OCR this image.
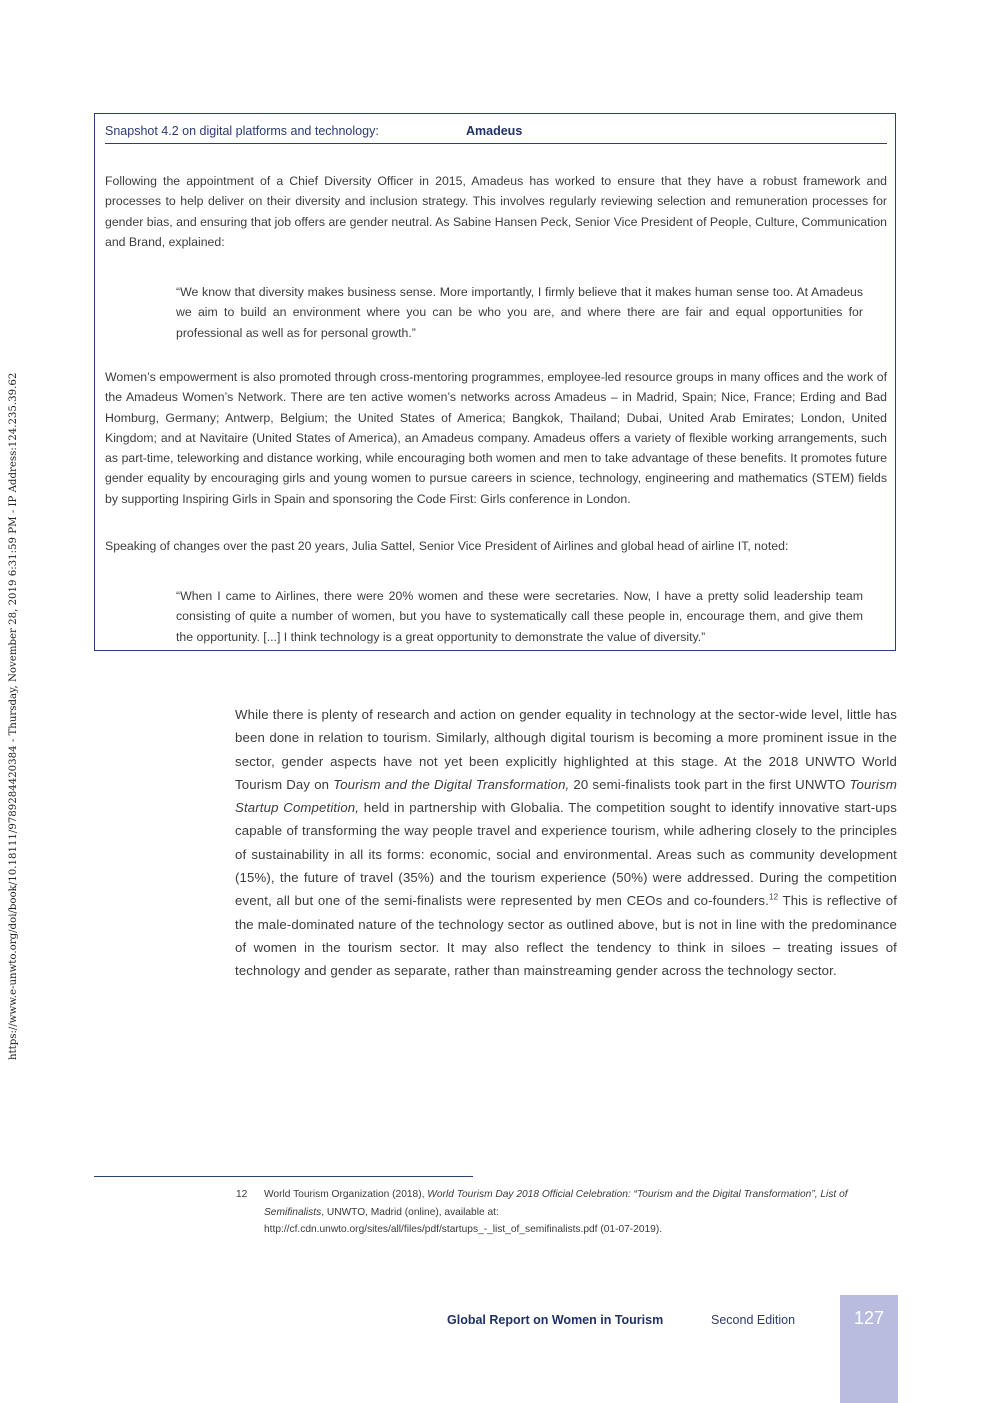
https://www.e-unwto.org/doi/book/10.18111/9789284420384 - Thursday, November 28, 2019 6:31:59 PM - IP Address:124.235.39.62
Snapshot 4.2 on digital platforms and technology:	Amadeus

Following the appointment of a Chief Diversity Officer in 2015, Amadeus has worked to ensure that they have a robust framework and processes to help deliver on their diversity and inclusion strategy. This involves regularly reviewing selection and remuneration processes for gender bias, and ensuring that job offers are gender neutral. As Sabine Hansen Peck, Senior Vice President of People, Culture, Communication and Brand, explained:

“We know that diversity makes business sense. More importantly, I firmly believe that it makes human sense too. At Amadeus we aim to build an environment where you can be who you are, and where there are fair and equal opportunities for professional as well as for personal growth.”

Women’s empowerment is also promoted through cross-mentoring programmes, employee-led resource groups in many offices and the work of the Amadeus Women’s Network. There are ten active women’s networks across Amadeus – in Madrid, Spain; Nice, France; Erding and Bad Homburg, Germany; Antwerp, Belgium; the United States of America; Bangkok, Thailand; Dubai, United Arab Emirates; London, United Kingdom; and at Navitaire (United States of America), an Amadeus company. Amadeus offers a variety of flexible working arrangements, such as part-time, teleworking and distance working, while encouraging both women and men to take advantage of these benefits. It promotes future gender equality by encouraging girls and young women to pursue careers in science, technology, engineering and mathematics (STEM) fields by supporting Inspiring Girls in Spain and sponsoring the Code First: Girls conference in London.

Speaking of changes over the past 20 years, Julia Sattel, Senior Vice President of Airlines and global head of airline IT, noted:

“When I came to Airlines, there were 20% women and these were secretaries. Now, I have a pretty solid leadership team consisting of quite a number of women, but you have to systematically call these people in, encourage them, and give them the opportunity. [...] I think technology is a great opportunity to demonstrate the value of diversity.”

While there is plenty of research and action on gender equality in technology at the sector-wide level, little has been done in relation to tourism. Similarly, although digital tourism is becoming a more prominent issue in the sector, gender aspects have not yet been explicitly highlighted at this stage. At the 2018 UNWTO World Tourism Day on Tourism and the Digital Transformation, 20 semi-finalists took part in the first UNWTO Tourism Startup Competition, held in partnership with Globalia. The competition sought to identify innovative start-ups capable of transforming the way people travel and experience tourism, while adhering closely to the principles of sustainability in all its forms: economic, social and environmental. Areas such as community development (15%), the future of travel (35%) and the tourism experience (50%) were addressed. During the competition event, all but one of the semi-finalists were represented by men CEOs and co-founders.$^{12}$ This is reflective of the male-dominated nature of the technology sector as outlined above, but is not in line with the predominance of women in the tourism sector. It may also reflect the tendency to think in siloes – treating issues of technology and gender as separate, rather than mainstreaming gender across the technology sector.

12 World Tourism Organization (2018), World Tourism Day 2018 Official Celebration: “Tourism and the Digital Transformation”, List of Semifinalists, UNWTO, Madrid (online), available at:
http://cf.cdn.unwto.org/sites/all/files/pdf/startups_-_list_of_semifinalists.pdf (01-07-2019).
Global Report on Women in Tourism	Second Edition	127
